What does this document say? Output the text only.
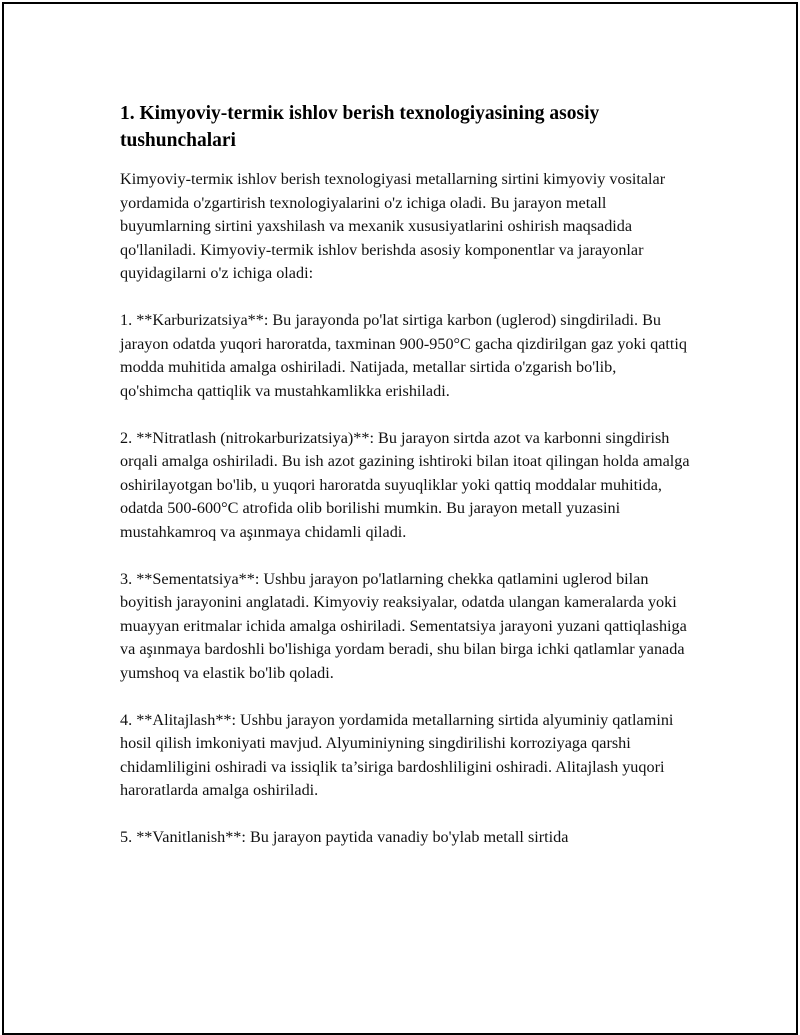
1. Kimyoviy-termiк ishlov berish texnologiyasining asosiy tushunchalari

Kimyoviy-termiк ishlov berish texnologiyasi metallarning sirtini kimyoviy vositalar yordamida o'zgartirish texnologiyalarini o'z ichiga oladi. Bu jarayon metall buyumlarning sirtini yaxshilash va mexanik xususiyatlarini oshirish maqsadida qo'llaniladi. Kimyoviy-termik ishlov berishda asosiy komponentlar va jarayonlar quyidagilarni o'z ichiga oladi:

1. **Karburizatsiya**: Bu jarayonda po'lat sirtiga karbon (uglerod) singdiriladi. Bu jarayon odatda yuqori haroratda, taxminan 900-950°C gacha qizdirilgan gaz yoki qattiq modda muhitida amalga oshiriladi. Natijada, metallar sirtida o'zgarish bo'lib, qo'shimcha qattiqlik va mustahkamlikka erishiladi.

2. **Nitratlash (nitrokarburizatsiya)**: Bu jarayon sirtda azot va karbonni singdirish orqali amalga oshiriladi. Bu ish azot gazining ishtiroki bilan itoat qilingan holda amalga oshirilayotgan bo'lib, u yuqori haroratda suyuqliklar yoki qattiq moddalar muhitida, odatda 500-600°C atrofida olib borilishi mumkin. Bu jarayon metall yuzasini mustahkamroq va aşınmaya chidamli qiladi.

3. **Sementatsiya**: Ushbu jarayon po'latlarning chekka qatlamini uglerod bilan boyitish jarayonini anglatadi. Kimyoviy reaksiyalar, odatda ulangan kameralarda yoki muayyan eritmalar ichida amalga oshiriladi. Sementatsiya jarayoni yuzani qattiqlashiga va aşınmaya bardoshli bo'lishiga yordam beradi, shu bilan birga ichki qatlamlar yanada yumshoq va elastik bo'lib qoladi.

4. **Alitajlash**: Ushbu jarayon yordamida metallarning sirtida alyuminiy qatlamini hosil qilish imkoniyati mavjud. Alyuminiyning singdirilishi korroziyaga qarshi chidamliligini oshiradi va issiqlik ta’siriga bardoshliligini oshiradi. Alitajlash yuqori haroratlarda amalga oshiriladi.

5. **Vanitlanish**: Bu jarayon paytida vanadiy bo'ylab metall sirtida
